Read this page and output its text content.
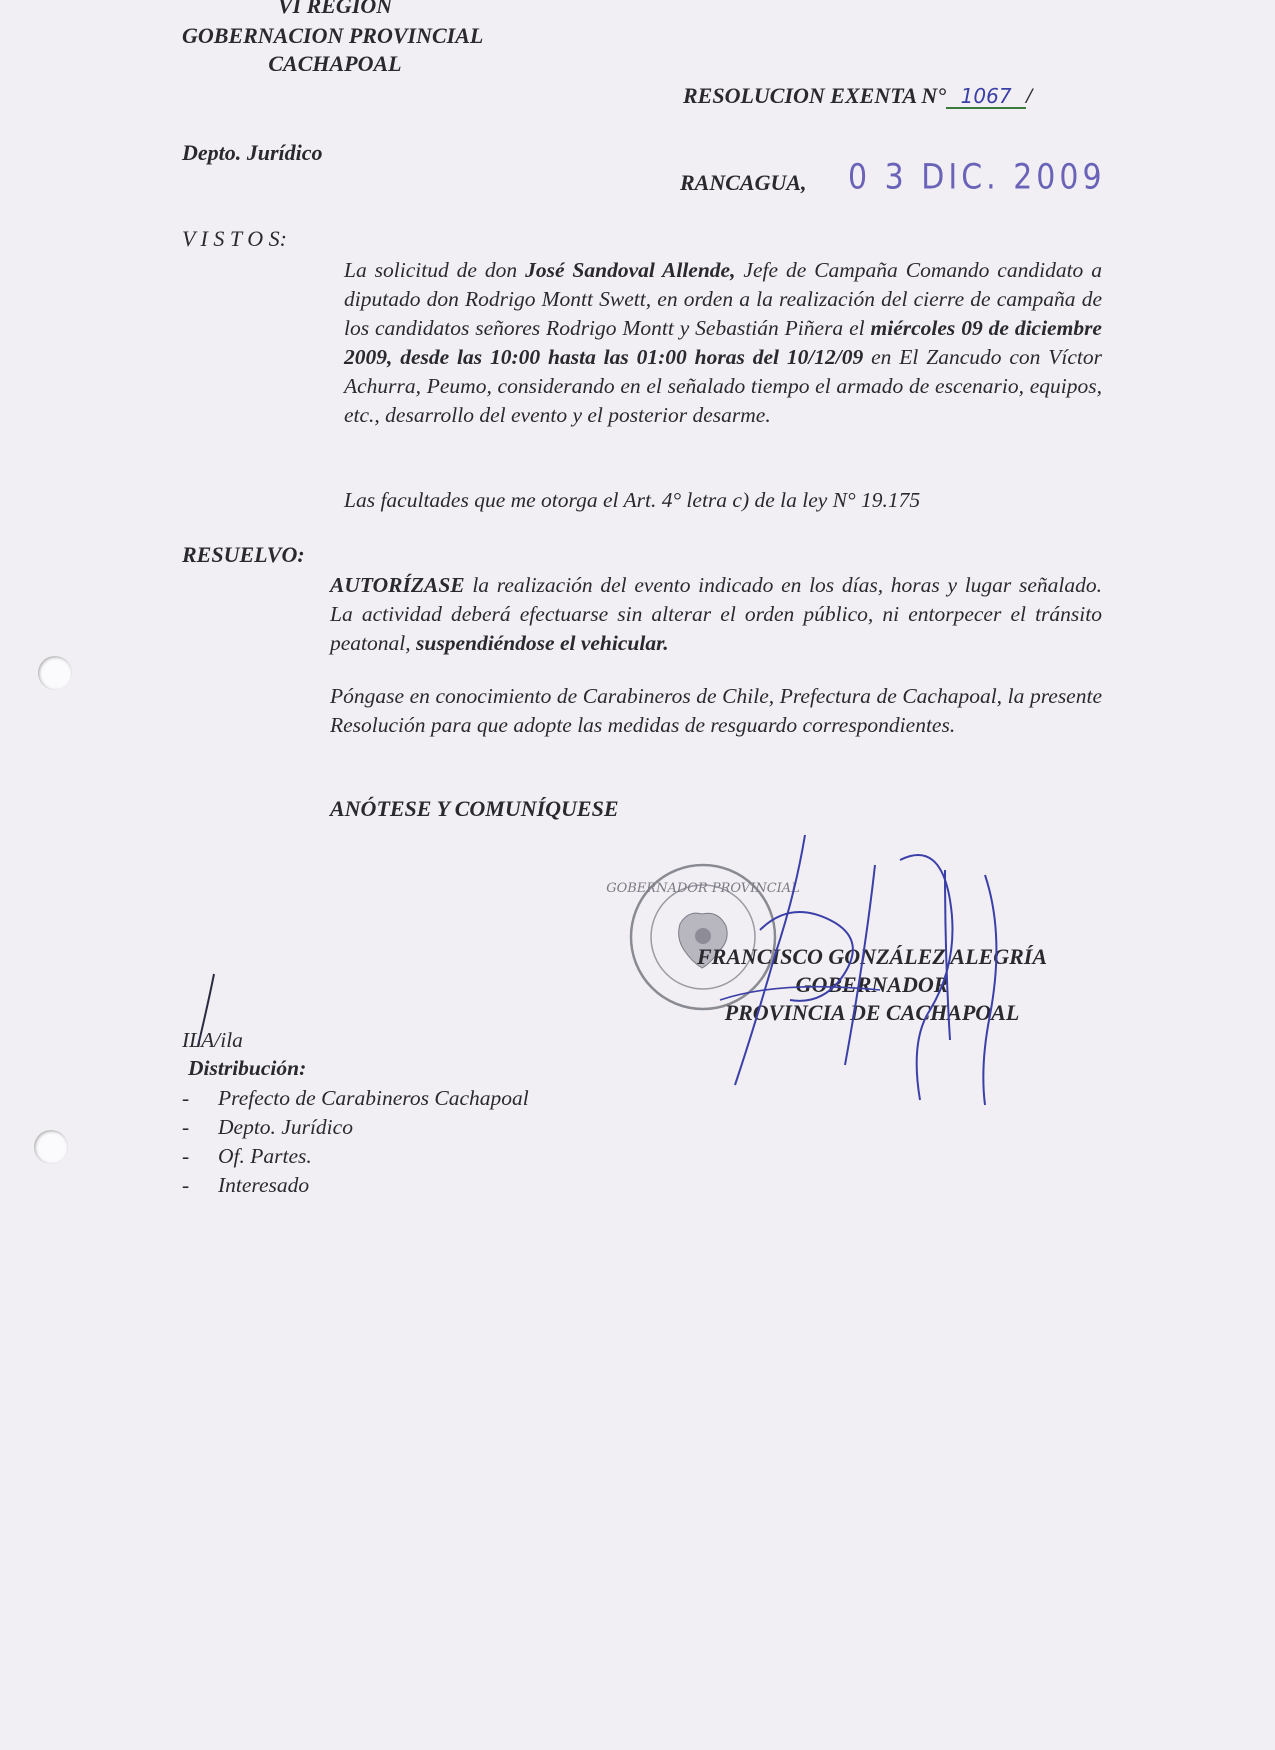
VI REGION
GOBERNACION PROVINCIAL
CACHAPOAL
RESOLUCION EXENTA N° 1067 /
Depto. Jurídico
RANCAGUA, 0 3 DIC. 2009
V I S T O S:
La solicitud de don José Sandoval Allende, Jefe de Campaña Comando candidato a diputado don Rodrigo Montt Swett, en orden a la realización del cierre de campaña de los candidatos señores Rodrigo Montt y Sebastián Piñera el miércoles 09 de diciembre 2009, desde las 10:00 hasta las 01:00 horas del 10/12/09 en El Zancudo con Víctor Achurra, Peumo, considerando en el señalado tiempo el armado de escenario, equipos, etc., desarrollo del evento y el posterior desarme.
Las facultades que me otorga el Art. 4° letra c) de la ley N° 19.175
RESUELVO:
AUTORÍZASE la realización del evento indicado en los días, horas y lugar señalado. La actividad deberá efectuarse sin alterar el orden público, ni entorpecer el tránsito peatonal, suspendiéndose el vehicular.
Póngase en conocimiento de Carabineros de Chile, Prefectura de Cachapoal, la presente Resolución para que adopte las medidas de resguardo correspondientes.
ANÓTESE Y COMUNÍQUESE
GOBERNADOR PROVINCIAL
FRANCISCO GONZÁLEZ ALEGRÍA
GOBERNADOR
PROVINCIA DE CACHAPOAL
ILA/ila
Distribución:
- Prefecto de Carabineros Cachapoal
- Depto. Jurídico
- Of. Partes.
- Interesado
